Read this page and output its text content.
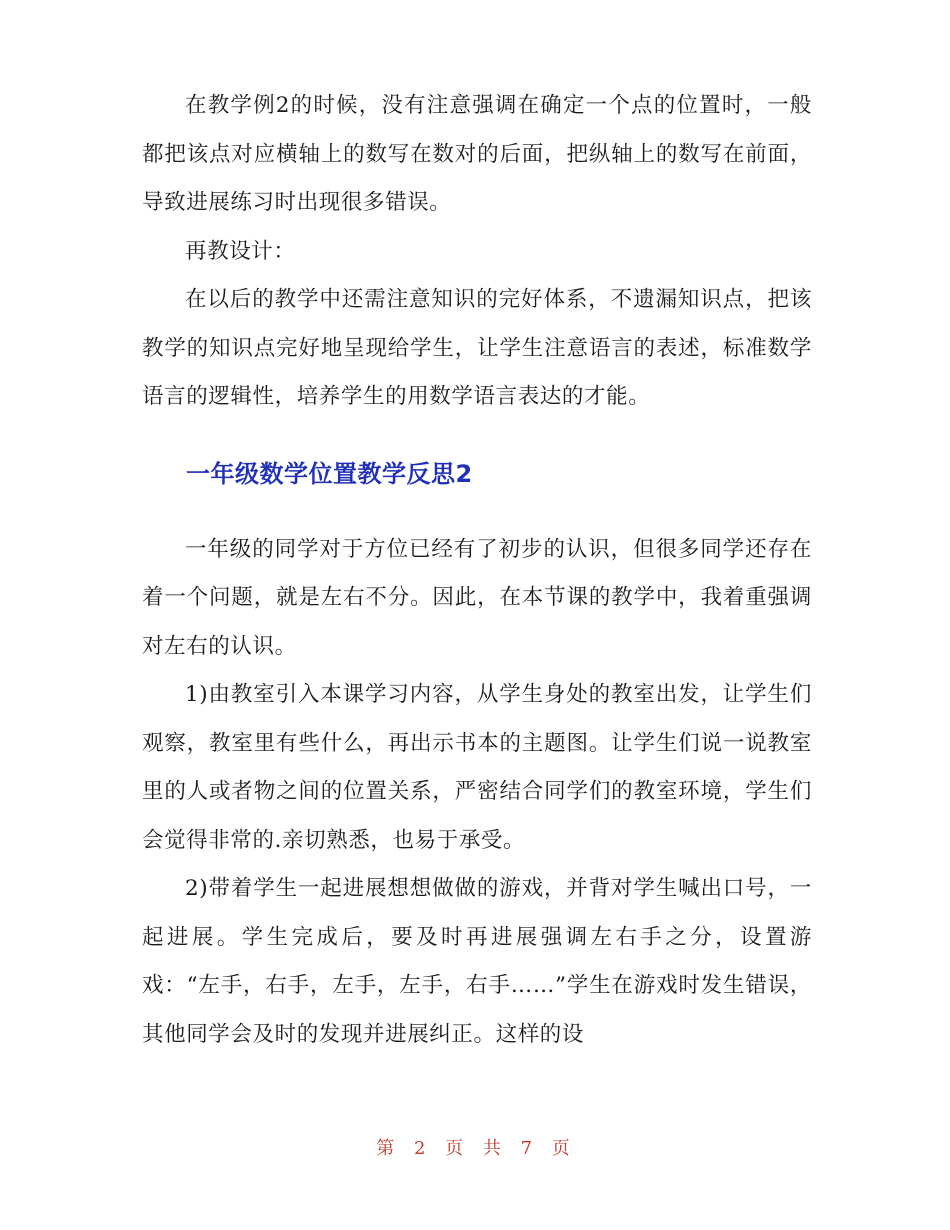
在教学例2的时候，没有注意强调在确定一个点的位置时，一般都把该点对应横轴上的数写在数对的后面，把纵轴上的数写在前面，导致进展练习时出现很多错误。

再教设计：

在以后的教学中还需注意知识的完好体系，不遗漏知识点，把该教学的知识点完好地呈现给学生，让学生注意语言的表述，标准数学语言的逻辑性，培养学生的用数学语言表达的才能。

一年级数学位置教学反思2

一年级的同学对于方位已经有了初步的认识，但很多同学还存在着一个问题，就是左右不分。因此，在本节课的教学中，我着重强调对左右的认识。

1)由教室引入本课学习内容，从学生身处的教室出发，让学生们观察，教室里有些什么，再出示书本的主题图。让学生们说一说教室里的人或者物之间的位置关系，严密结合同学们的教室环境，学生们会觉得非常的.亲切熟悉，也易于承受。

2)带着学生一起进展想想做做的游戏，并背对学生喊出口号，一起进展。学生完成后，要及时再进展强调左右手之分，设置游戏：“左手，右手，左手，左手，右手……”学生在游戏时发生错误，其他同学会及时的发现并进展纠正。这样的设

第 2 页 共 7 页
